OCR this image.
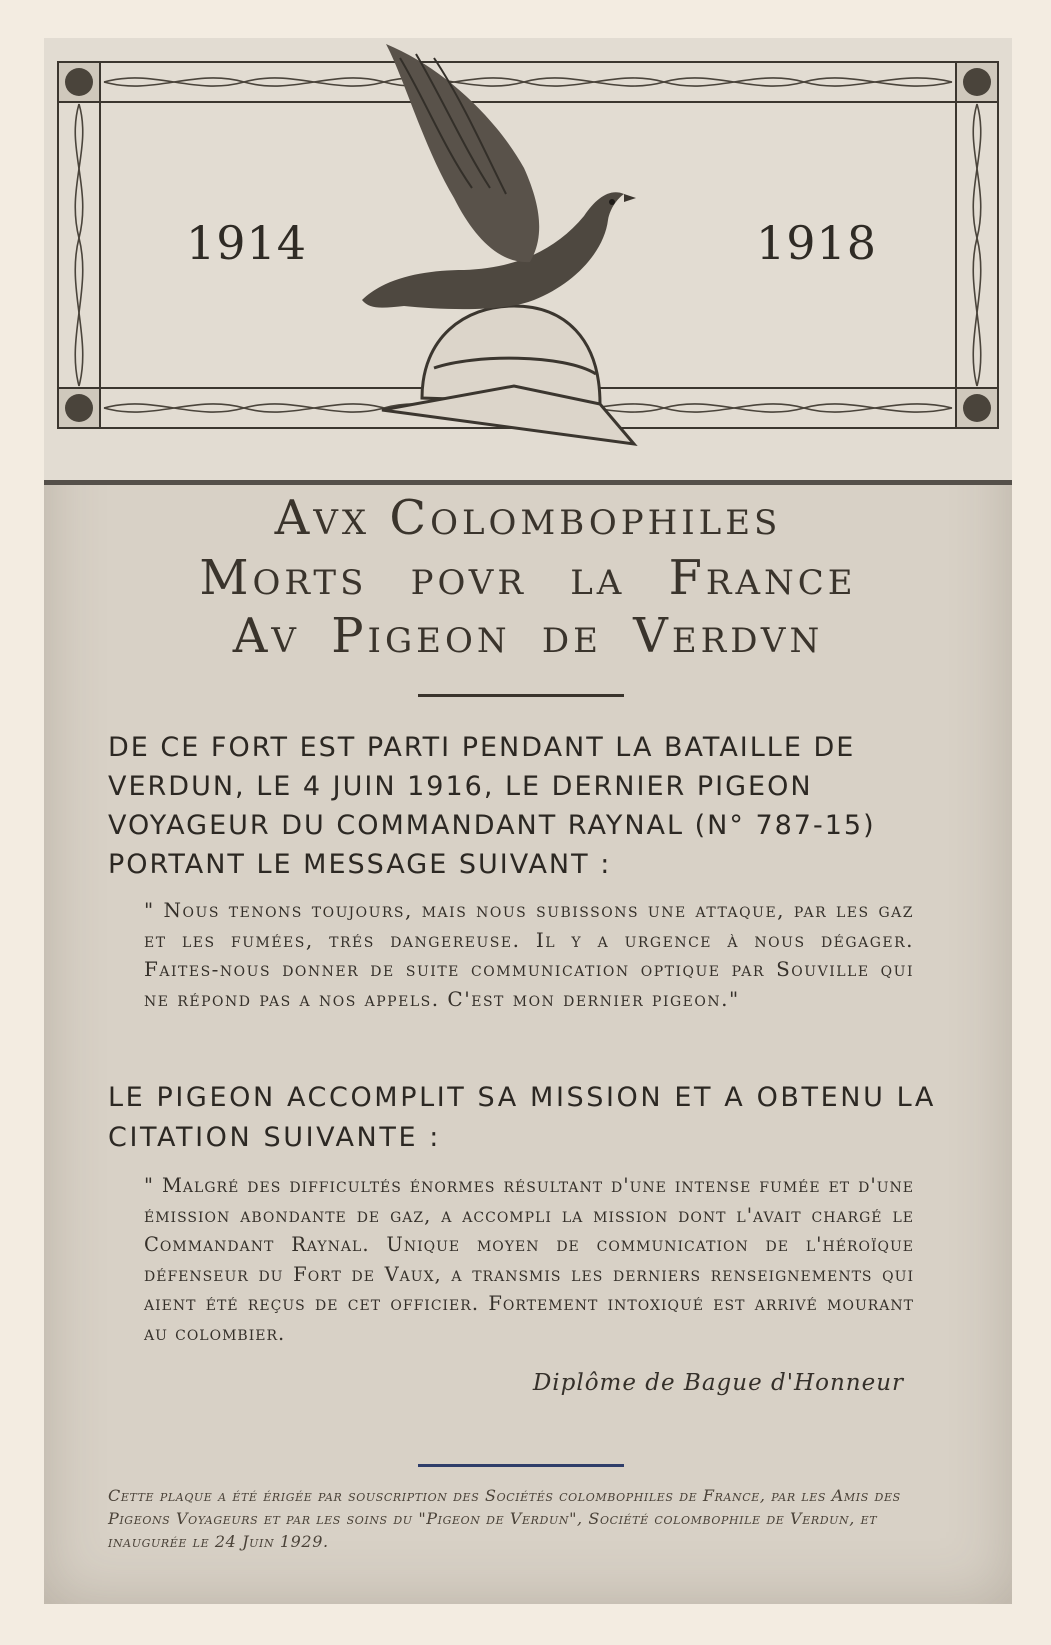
1914	1918
Avx Colombophiles
Morts povr la France
Av Pigeon de Verdvn
DE CE FORT EST PARTI PENDANT LA BATAILLE DE VERDUN, LE 4 JUIN 1916, LE DERNIER PIGEON VOYAGEUR DU COMMANDANT RAYNAL (N° 787-15) PORTANT LE MESSAGE SUIVANT :
" Nous tenons toujours, mais nous subissons une attaque, par les gaz et les fumées, trés dangereuse. Il y a urgence à nous dégager. Faites-nous donner de suite communication optique par Souville qui ne répond pas a nos appels. C'est mon dernier pigeon."
LE PIGEON ACCOMPLIT SA MISSION ET A OBTENU LA CITATION SUIVANTE :
" Malgré des difficultés énormes résultant d'une intense fumée et d'une émission abondante de gaz, a accompli la mission dont l'avait chargé le Commandant Raynal. Unique moyen de communication de l'héroïque défenseur du Fort de Vaux, a transmis les derniers renseignements qui aient été reçus de cet officier. Fortement intoxiqué est arrivé mourant au colombier.
Diplôme de Bague d'Honneur
Cette plaque a été érigée par souscription des Sociétés colombophiles de France, par les Amis des Pigeons Voyageurs et par les soins du "Pigeon de Verdun", Société colombophile de Verdun, et inaugurée le 24 Juin 1929.
